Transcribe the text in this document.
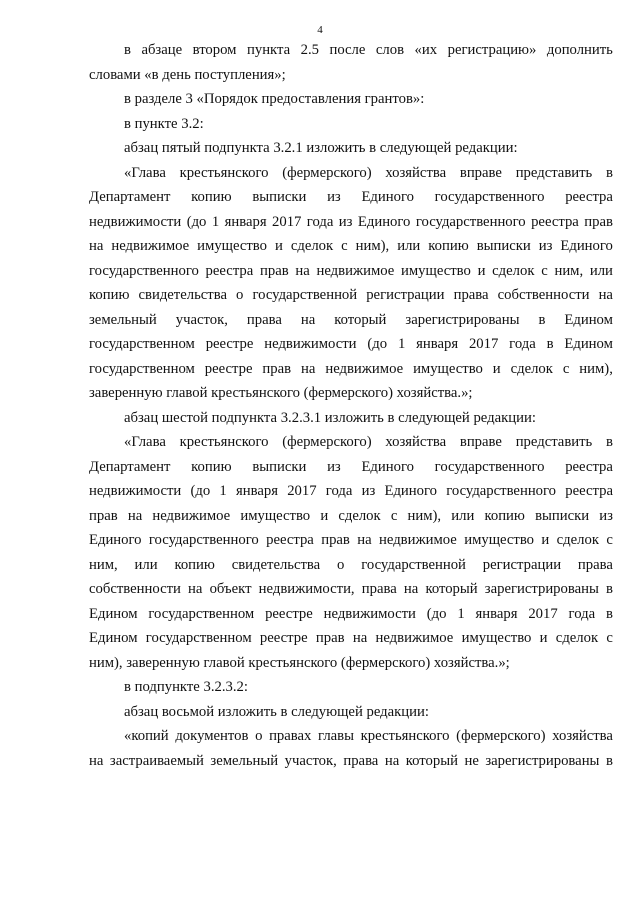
4
в абзаце втором пункта 2.5 после слов «их регистрацию» дополнить
словами «в день поступления»;
в разделе 3 «Порядок предоставления грантов»:
в пункте 3.2:
абзац пятый подпункта 3.2.1 изложить в следующей редакции:
«Глава крестьянского (фермерского) хозяйства вправе представить в
Департамент копию выписки из Единого государственного реестра
недвижимости (до 1 января 2017 года из Единого государственного реестра прав
на недвижимое имущество и сделок с ним), или копию выписки из Единого
государственного реестра прав на недвижимое имущество и сделок с ним, или
копию свидетельства о государственной регистрации права собственности на
земельный участок, права на который зарегистрированы в Едином
государственном реестре недвижимости (до 1 января 2017 года в Едином
государственном реестре прав на недвижимое имущество и сделок с ним),
заверенную главой крестьянского (фермерского) хозяйства.»;
абзац шестой подпункта 3.2.3.1 изложить в следующей редакции:
«Глава крестьянского (фермерского) хозяйства вправе представить в
Департамент копию выписки из Единого государственного реестра
недвижимости (до 1 января 2017 года из Единого государственного реестра
прав на недвижимое имущество и сделок с ним), или копию выписки из
Единого государственного реестра прав на недвижимое имущество и сделок с
ним, или копию свидетельства о государственной регистрации права
собственности на объект недвижимости, права на который зарегистрированы в
Едином государственном реестре недвижимости (до 1 января 2017 года в
Едином государственном реестре прав на недвижимое имущество и сделок с
ним), заверенную главой крестьянского (фермерского) хозяйства.»;
в подпункте 3.2.3.2:
абзац восьмой изложить в следующей редакции:
«копий документов о правах главы крестьянского (фермерского) хозяйства
на застраиваемый земельный участок, права на который не зарегистрированы в
